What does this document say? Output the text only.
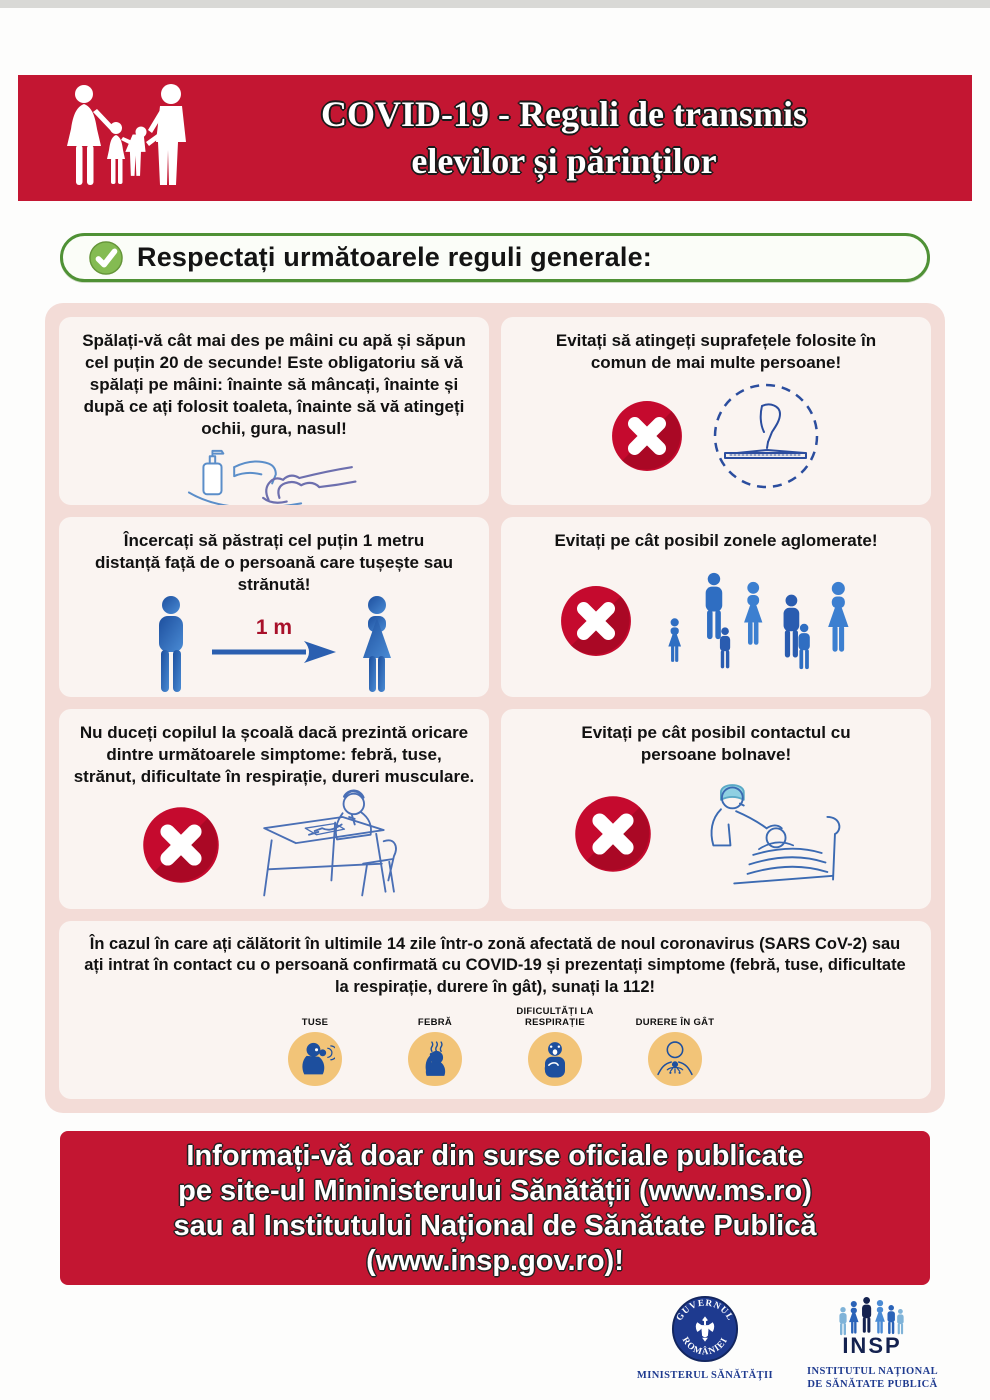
COVID-19 - Reguli de transmis
elevilor și părinților
Respectați următoarele reguli generale:
Spălați-vă cât mai des pe mâini cu apă și săpun cel puțin 20 de secunde! Este obligatoriu să vă spălați pe mâini: înainte să mâncați, înainte și după ce ați folosit toaleta, înainte să vă atingeți ochii, gura, nasul!
Evitați să atingeți suprafețele folosite în comun de mai multe persoane!
Încercați să păstrați cel puțin 1 metru distanță față de o persoană care tușește sau strănută!
1 m
Evitați pe cât posibil zonele aglomerate!
Nu duceți copilul la școală dacă prezintă oricare dintre următoarele simptome: febră, tuse, strănut, dificultate în respirație, dureri musculare.
Evitați pe cât posibil contactul cu persoane bolnave!
În cazul în care ați călătorit în ultimile 14 zile într-o zonă afectată de noul coronavirus (SARS CoV-2) sau ați intrat în contact cu o persoană confirmată cu COVID-19 și prezentați simptome (febră, tuse, dificultate la respirație, durere în gât), sunați la 112!
TUSE	FEBRĂ
DIFICULTĂȚI LA RESPIRAȚIE	DURERE ÎN GÂT
Informați-vă doar din surse oficiale publicate
pe site-ul Mininisterului Sănătății (www.ms.ro)
sau al Institutului Național de Sănătate Publică
(www.insp.gov.ro)!
GUVERNUL
ROMÂNIEI
MINISTERUL SĂNĂTĂȚII
INSP
INSTITUTUL NAȚIONAL
DE SĂNĂTATE PUBLICĂ
